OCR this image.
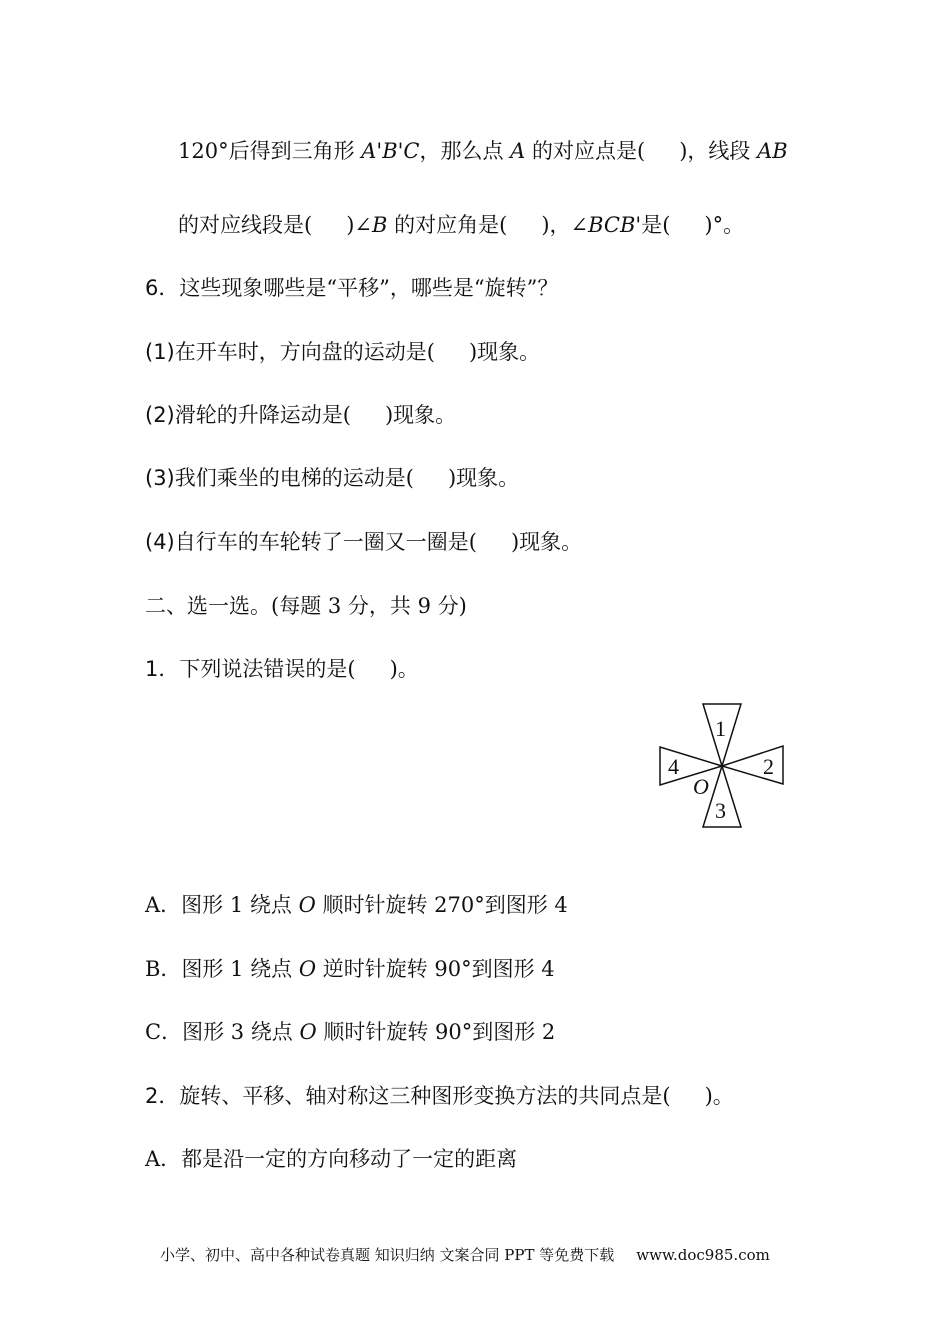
120°后得到三角形 A'B'C，那么点 A 的对应点是( )，线段 AB
的对应线段是( )∠B 的对应角是( )，∠BCB'是( )°。
6．这些现象哪些是“平移”，哪些是“旋转”？
(1)在开车时，方向盘的运动是( )现象。
(2)滑轮的升降运动是( )现象。
(3)我们乘坐的电梯的运动是( )现象。
(4)自行车的车轮转了一圈又一圈是( )现象。
二、选一选。(每题 3 分，共 9 分)
1．下列说法错误的是( )。
1
2
3
4
O
A．图形 1 绕点 O 顺时针旋转 270°到图形 4
B．图形 1 绕点 O 逆时针旋转 90°到图形 4
C．图形 3 绕点 O 顺时针旋转 90°到图形 2
2．旋转、平移、轴对称这三种图形变换方法的共同点是( )。
A．都是沿一定的方向移动了一定的距离
小学、初中、高中各种试卷真题 知识归纳 文案合同 PPT 等免费下载 www.doc985.com
